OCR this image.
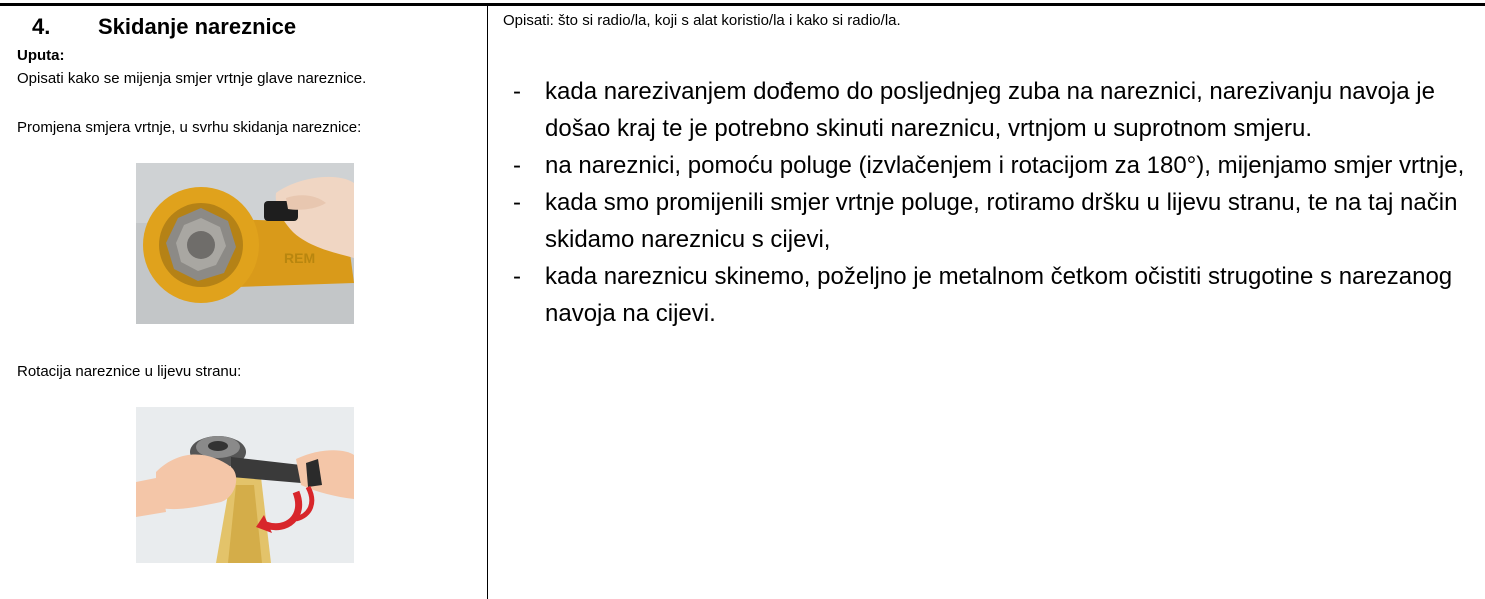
4. Skidanje nareznice
Uputa:
Opisati kako se mijenja smjer vrtnje glave nareznice.
Promjena smjera vrtnje, u svrhu skidanja nareznice:
REM
Rotacija nareznice u lijevu stranu:
Opisati: što si radio/la, koji s alat koristio/la i kako si radio/la.
- kada narezivanjem dođemo do posljednjeg zuba na nareznici, narezivanju navoja je došao kraj te je potrebno skinuti nareznicu, vrtnjom u suprotnom smjeru.
- na nareznici, pomoću poluge (izvlačenjem i rotacijom za 180°), mijenjamo smjer vrtnje,
- kada smo promijenili smjer vrtnje poluge, rotiramo dršku u lijevu stranu, te na taj način skidamo nareznicu s cijevi,
- kada nareznicu skinemo, poželjno je metalnom četkom očistiti strugotine s narezanog navoja na cijevi.
